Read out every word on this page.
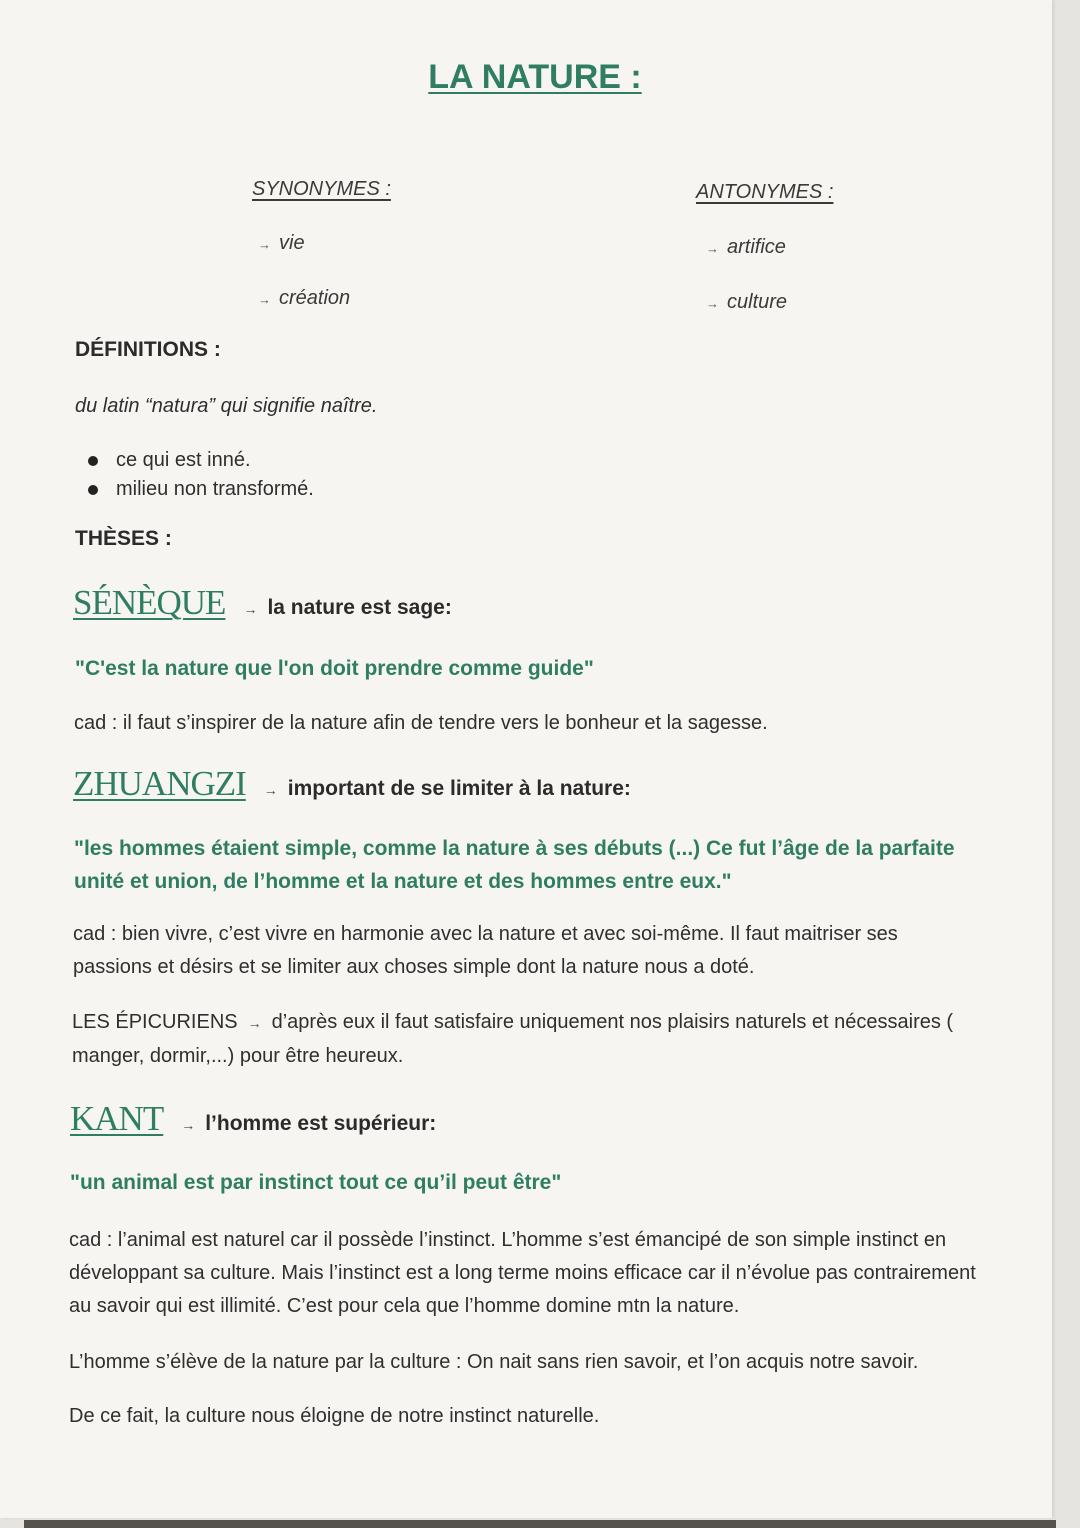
LA NATURE :
SYNONYMES :
→ vie
→ création
ANTONYMES :
→ artifice
→ culture
DÉFINITIONS :
du latin “natura” qui signifie naître.
ce qui est inné.
milieu non transformé.
THÈSES :
SÉNÈQUE → la nature est sage:
"C'est la nature que l'on doit prendre comme guide"
cad : il faut s’inspirer de la nature afin de tendre vers le bonheur et la sagesse.
ZHUANGZI → important de se limiter à la nature:
"les hommes étaient simple, comme la nature à ses débuts (...) Ce fut l’âge de la parfaite unité et union, de l’homme et la nature et des hommes entre eux."
cad : bien vivre, c’est vivre en harmonie avec la nature et avec soi-même. Il faut maitriser ses passions et désirs et se limiter aux choses simple dont la nature nous a doté.
LES ÉPICURIENS → d’après eux il faut satisfaire uniquement nos plaisirs naturels et nécessaires ( manger, dormir,...) pour être heureux.
KANT → l’homme est supérieur:
"un animal est par instinct tout ce qu’il peut être"
cad : l’animal est naturel car il possède l’instinct. L’homme s’est émancipé de son simple instinct en développant sa culture. Mais l’instinct est a long terme moins efficace car il n’évolue pas contrairement au savoir qui est illimité. C’est pour cela que l’homme domine mtn la nature.
L’homme s’élève de la nature par la culture : On nait sans rien savoir, et l’on acquis notre savoir.
De ce fait, la culture nous éloigne de notre instinct naturelle.
